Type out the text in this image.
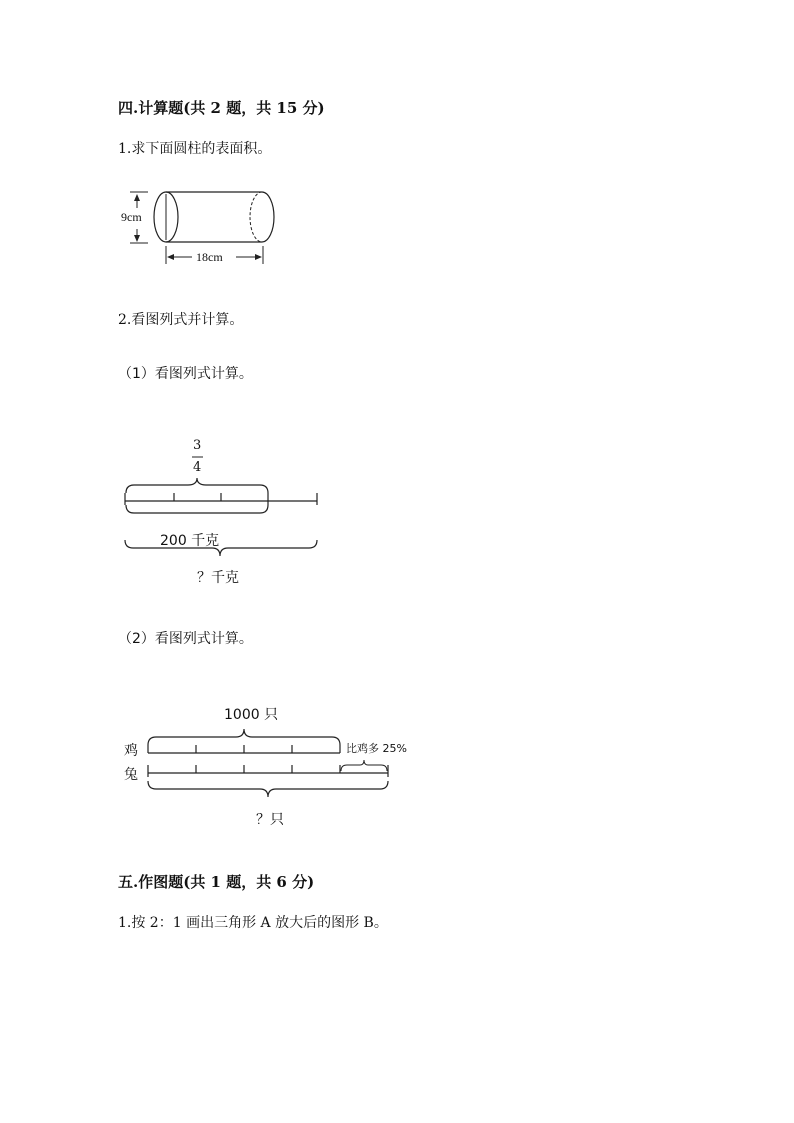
四.计算题(共 2 题，共 15 分)
1.求下面圆柱的表面积。
9cm
18cm
2.看图列式并计算。
（1）看图列式计算。
3
4
200 千克
？千克
（2）看图列式计算。
1000 只
鸡
兔
比鸡多 25%
？只
五.作图题(共 1 题，共 6 分)
1.按 2：1 画出三角形 A 放大后的图形 B。
